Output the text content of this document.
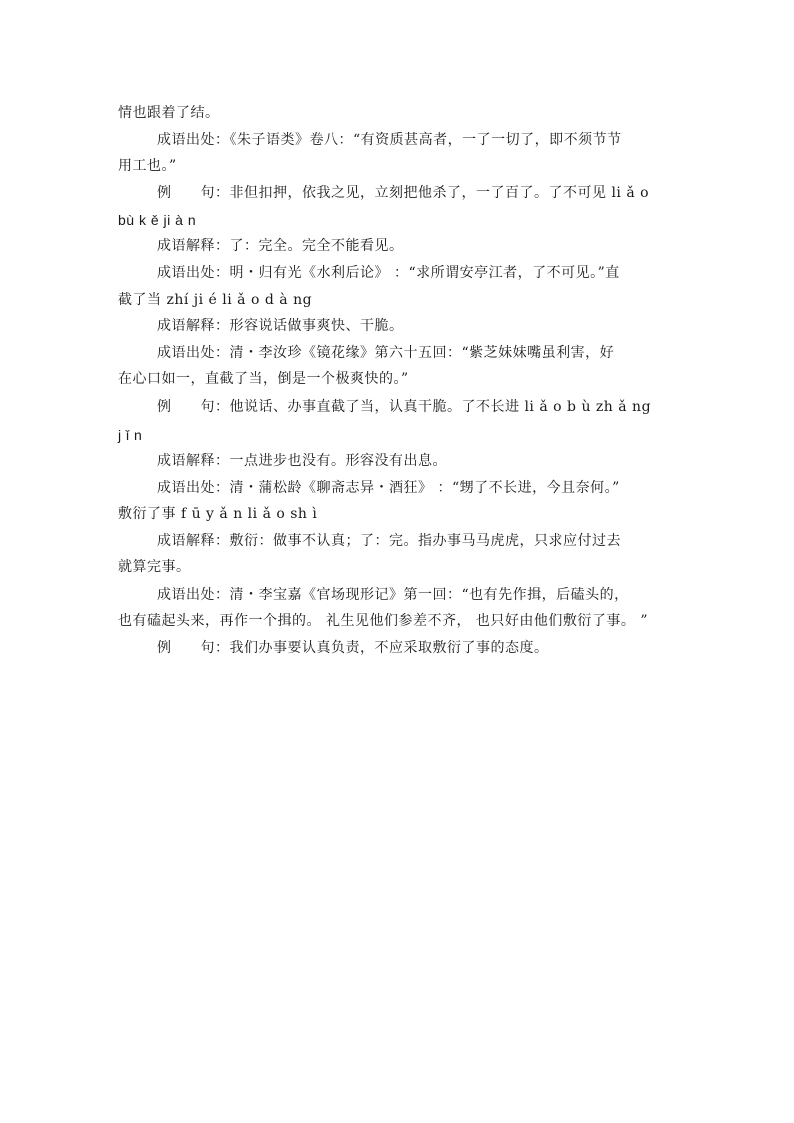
情也跟着了结。
成语出处：《朱子语类》卷八：“有资质甚高者，一了一切了，即不须节节
用工也。”
例　　句：非但扣押，依我之见，立刻把他杀了，一了百了。了不可见 li ǎ o
bù k ě ji à n
成语解释：了：完全。完全不能看见。
成语出处：明・归有光《水利后论》 ：“求所谓安亭江者，了不可见。”直
截了当 zhí ji é li ǎ o d à ng
成语解释：形容说话做事爽快、干脆。
成语出处：清・李汝珍《镜花缘》第六十五回：“紫芝妹妹嘴虽利害，好
在心口如一，直截了当，倒是一个极爽快的。”
例　　句：他说话、办事直截了当，认真干脆。了不长进 li ǎ o b ù zh ǎ ng
j ǐ n
成语解释：一点进步也没有。形容没有出息。
成语出处：清・蒲松龄《聊斋志异・酒狂》 ：“甥了不长进，今且奈何。”
敷衍了事 f ū y ǎ n li ǎ o sh ì
成语解释：敷衍：做事不认真；了：完。指办事马马虎虎，只求应付过去
就算完事。
成语出处：清・李宝嘉《官场现形记》第一回：“也有先作揖，后磕头的，
也有磕起头来，再作一个揖的。 礼生见他们参差不齐， 也只好由他们敷衍了事。 ”
例　　句：我们办事要认真负责，不应采取敷衍了事的态度。
